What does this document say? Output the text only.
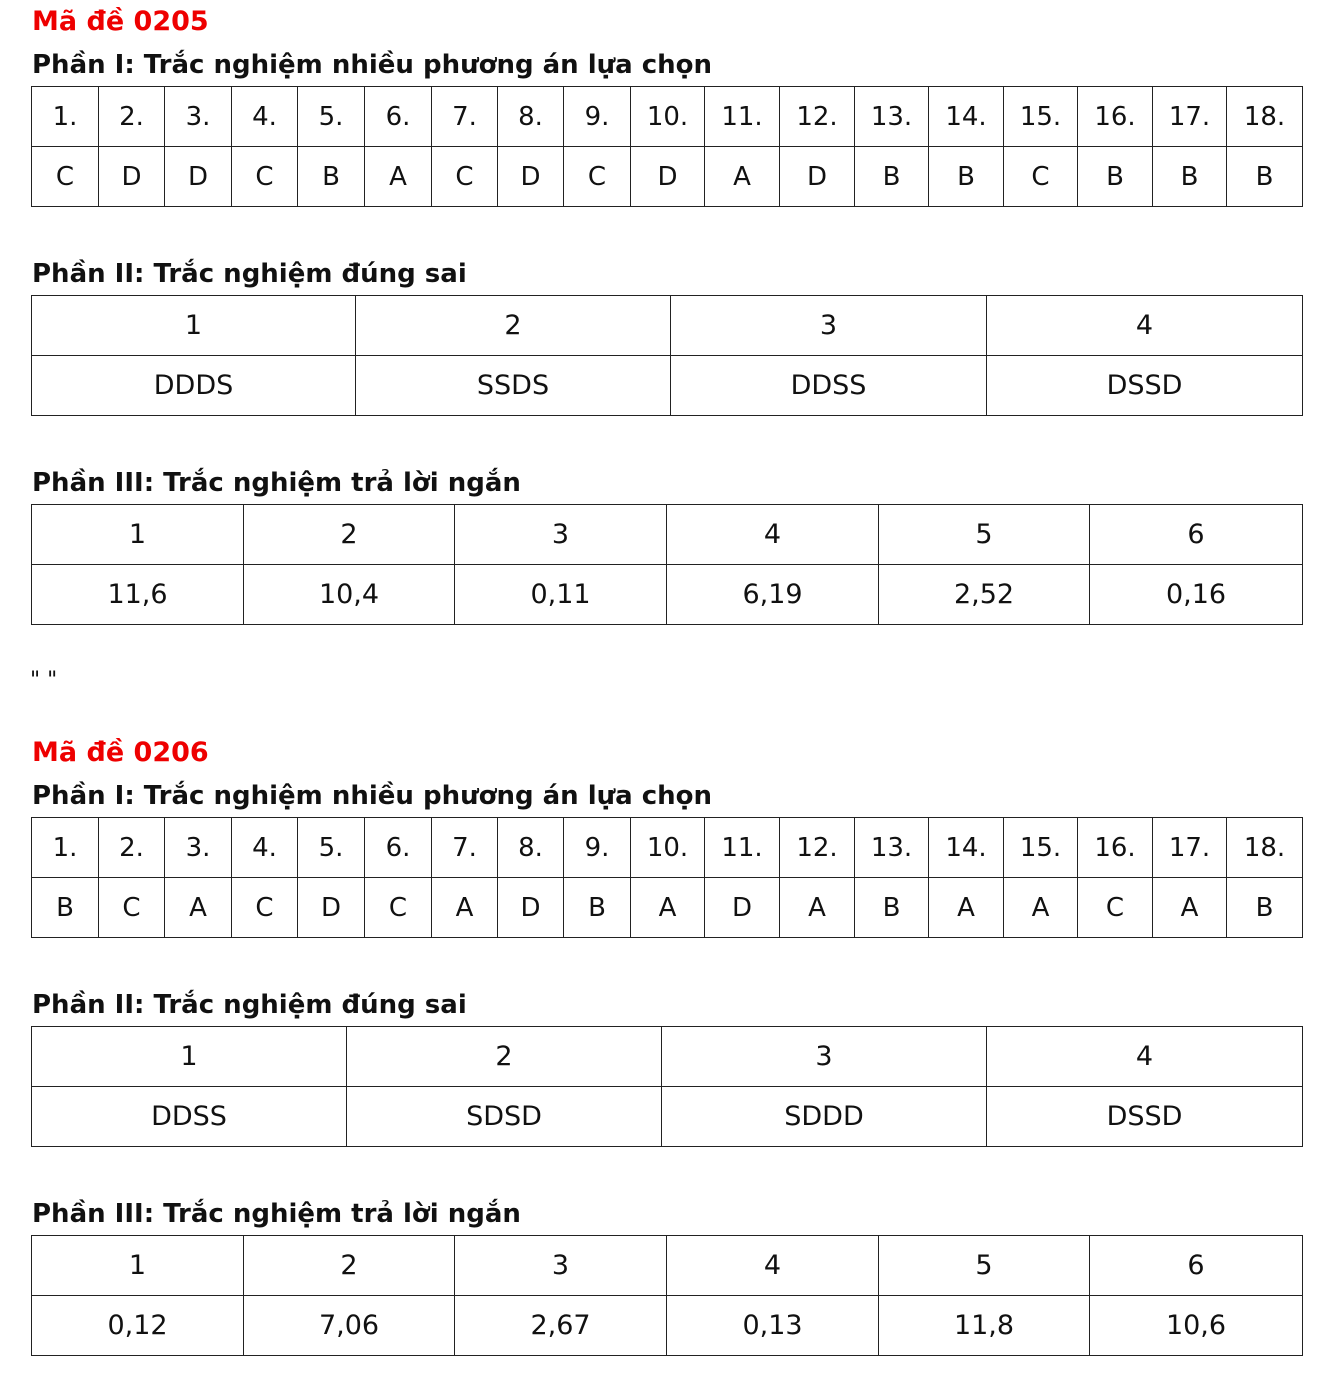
Mã đề 0205
Phần I: Trắc nghiệm nhiều phương án lựa chọn
1.	2.	3.	4.	5.	6.	7.	8.	9.	10.	11.	12.	13.	14.	15.	16.	17.	18.
C	D	D	C	B	A	C	D	C	D	A	D	B	B	C	B	B	B
Phần II: Trắc nghiệm đúng sai
1	2	3	4
DDDS	SSDS	DDSS	DSSD
Phần III: Trắc nghiệm trả lời ngắn
1	2	3	4	5	6
11,6	10,4	0,11	6,19	2,52	0,16
" "
Mã đề 0206
Phần I: Trắc nghiệm nhiều phương án lựa chọn
1.	2.	3.	4.	5.	6.	7.	8.	9.	10.	11.	12.	13.	14.	15.	16.	17.	18.
B	C	A	C	D	C	A	D	B	A	D	A	B	A	A	C	A	B
Phần II: Trắc nghiệm đúng sai
1	2	3	4
DDSS	SDSD	SDDD	DSSD
Phần III: Trắc nghiệm trả lời ngắn
1	2	3	4	5	6
0,12	7,06	2,67	0,13	11,8	10,6
